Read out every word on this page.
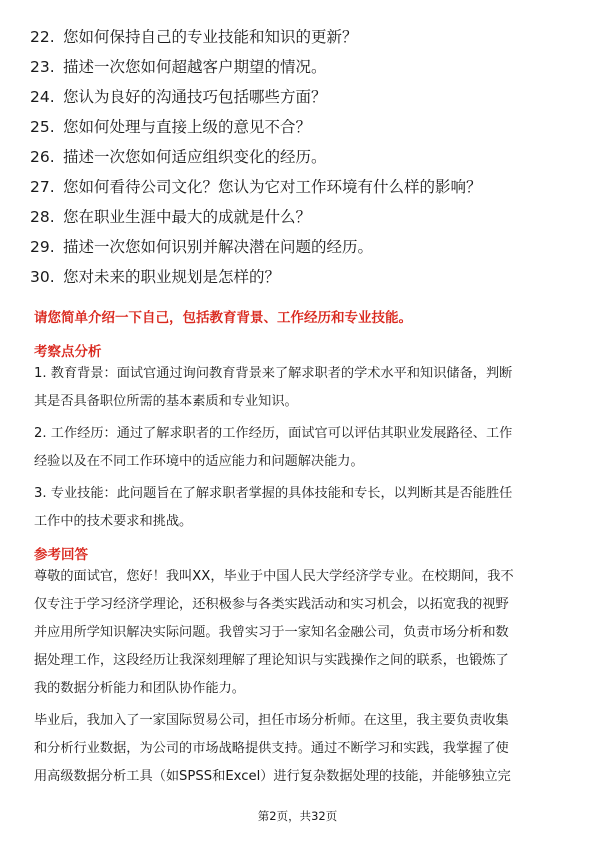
22. 您如何保持自己的专业技能和知识的更新？
23. 描述一次您如何超越客户期望的情况。
24. 您认为良好的沟通技巧包括哪些方面？
25. 您如何处理与直接上级的意见不合？
26. 描述一次您如何适应组织变化的经历。
27. 您如何看待公司文化？您认为它对工作环境有什么样的影响？
28. 您在职业生涯中最大的成就是什么？
29. 描述一次您如何识别并解决潜在问题的经历。
30. 您对未来的职业规划是怎样的？
请您简单介绍一下自己，包括教育背景、工作经历和专业技能。
考察点分析
1. 教育背景：面试官通过询问教育背景来了解求职者的学术水平和知识储备，判断
其是否具备职位所需的基本素质和专业知识。
2. 工作经历：通过了解求职者的工作经历，面试官可以评估其职业发展路径、工作
经验以及在不同工作环境中的适应能力和问题解决能力。
3. 专业技能：此问题旨在了解求职者掌握的具体技能和专长，以判断其是否能胜任
工作中的技术要求和挑战。
参考回答
尊敬的面试官，您好！我叫XX，毕业于中国人民大学经济学专业。在校期间，我不
仅专注于学习经济学理论，还积极参与各类实践活动和实习机会，以拓宽我的视野
并应用所学知识解决实际问题。我曾实习于一家知名金融公司，负责市场分析和数
据处理工作，这段经历让我深刻理解了理论知识与实践操作之间的联系，也锻炼了
我的数据分析能力和团队协作能力。
毕业后，我加入了一家国际贸易公司，担任市场分析师。在这里，我主要负责收集
和分析行业数据，为公司的市场战略提供支持。通过不断学习和实践，我掌握了使
用高级数据分析工具（如SPSS和Excel）进行复杂数据处理的技能，并能够独立完
第2页，共32页
